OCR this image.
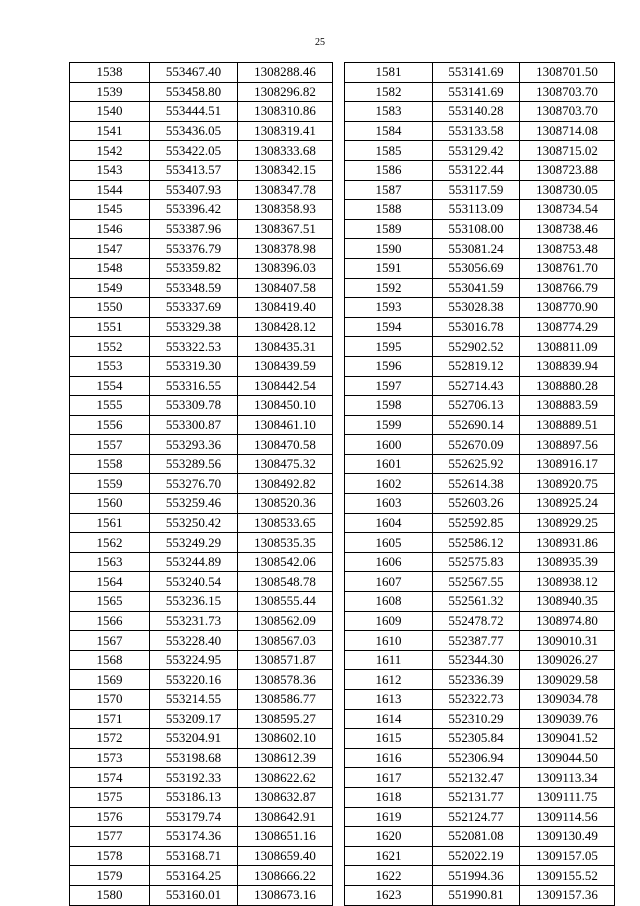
25
1538	553467.40	1308288.46
1539	553458.80	1308296.82
1540	553444.51	1308310.86
1541	553436.05	1308319.41
1542	553422.05	1308333.68
1543	553413.57	1308342.15
1544	553407.93	1308347.78
1545	553396.42	1308358.93
1546	553387.96	1308367.51
1547	553376.79	1308378.98
1548	553359.82	1308396.03
1549	553348.59	1308407.58
1550	553337.69	1308419.40
1551	553329.38	1308428.12
1552	553322.53	1308435.31
1553	553319.30	1308439.59
1554	553316.55	1308442.54
1555	553309.78	1308450.10
1556	553300.87	1308461.10
1557	553293.36	1308470.58
1558	553289.56	1308475.32
1559	553276.70	1308492.82
1560	553259.46	1308520.36
1561	553250.42	1308533.65
1562	553249.29	1308535.35
1563	553244.89	1308542.06
1564	553240.54	1308548.78
1565	553236.15	1308555.44
1566	553231.73	1308562.09
1567	553228.40	1308567.03
1568	553224.95	1308571.87
1569	553220.16	1308578.36
1570	553214.55	1308586.77
1571	553209.17	1308595.27
1572	553204.91	1308602.10
1573	553198.68	1308612.39
1574	553192.33	1308622.62
1575	553186.13	1308632.87
1576	553179.74	1308642.91
1577	553174.36	1308651.16
1578	553168.71	1308659.40
1579	553164.25	1308666.22
1580	553160.01	1308673.16
1581	553141.69	1308701.50
1582	553141.69	1308703.70
1583	553140.28	1308703.70
1584	553133.58	1308714.08
1585	553129.42	1308715.02
1586	553122.44	1308723.88
1587	553117.59	1308730.05
1588	553113.09	1308734.54
1589	553108.00	1308738.46
1590	553081.24	1308753.48
1591	553056.69	1308761.70
1592	553041.59	1308766.79
1593	553028.38	1308770.90
1594	553016.78	1308774.29
1595	552902.52	1308811.09
1596	552819.12	1308839.94
1597	552714.43	1308880.28
1598	552706.13	1308883.59
1599	552690.14	1308889.51
1600	552670.09	1308897.56
1601	552625.92	1308916.17
1602	552614.38	1308920.75
1603	552603.26	1308925.24
1604	552592.85	1308929.25
1605	552586.12	1308931.86
1606	552575.83	1308935.39
1607	552567.55	1308938.12
1608	552561.32	1308940.35
1609	552478.72	1308974.80
1610	552387.77	1309010.31
1611	552344.30	1309026.27
1612	552336.39	1309029.58
1613	552322.73	1309034.78
1614	552310.29	1309039.76
1615	552305.84	1309041.52
1616	552306.94	1309044.50
1617	552132.47	1309113.34
1618	552131.77	1309111.75
1619	552124.77	1309114.56
1620	552081.08	1309130.49
1621	552022.19	1309157.05
1622	551994.36	1309155.52
1623	551990.81	1309157.36
